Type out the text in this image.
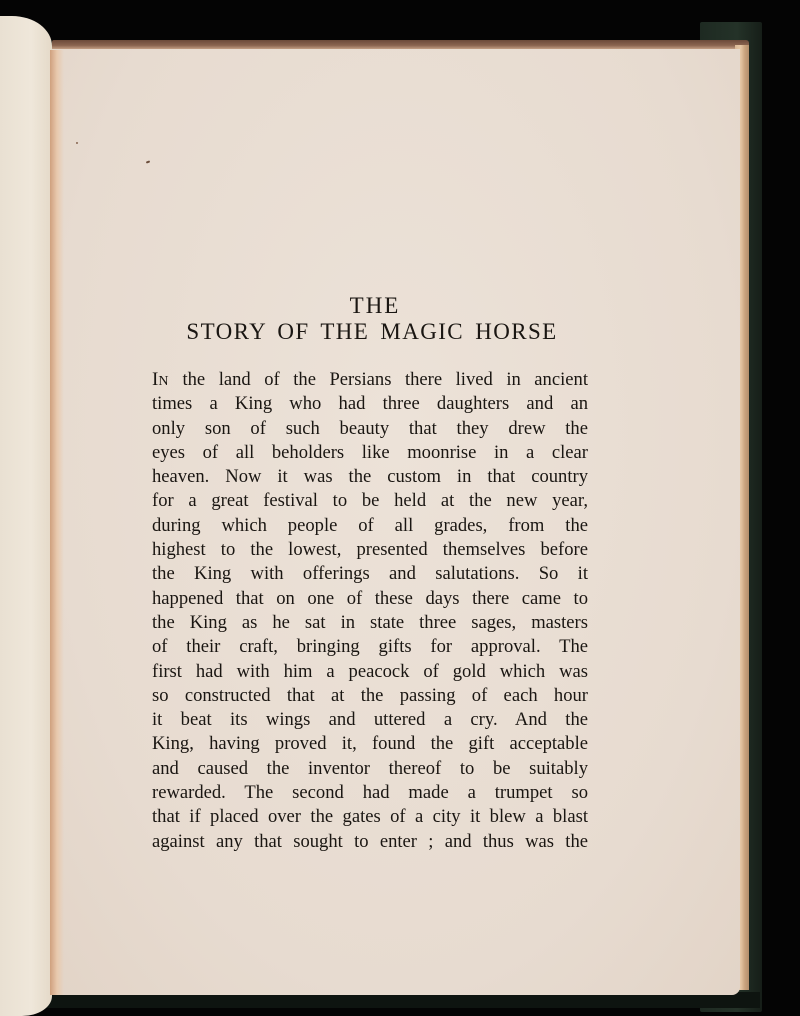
THE
STORY OF THE MAGIC HORSE
IN the land of the Persians there lived in ancient
times a King who had three daughters and an
only son of such beauty that they drew the
eyes of all beholders like moonrise in a clear
heaven. Now it was the custom in that country
for a great festival to be held at the new year,
during which people of all grades, from the
highest to the lowest, presented themselves before
the King with offerings and salutations. So it
happened that on one of these days there came to
the King as he sat in state three sages, masters
of their craft, bringing gifts for approval. The
first had with him a peacock of gold which was
so constructed that at the passing of each hour
it beat its wings and uttered a cry. And the
King, having proved it, found the gift acceptable
and caused the inventor thereof to be suitably
rewarded. The second had made a trumpet so
that if placed over the gates of a city it blew a blast
against any that sought to enter ; and thus was the
